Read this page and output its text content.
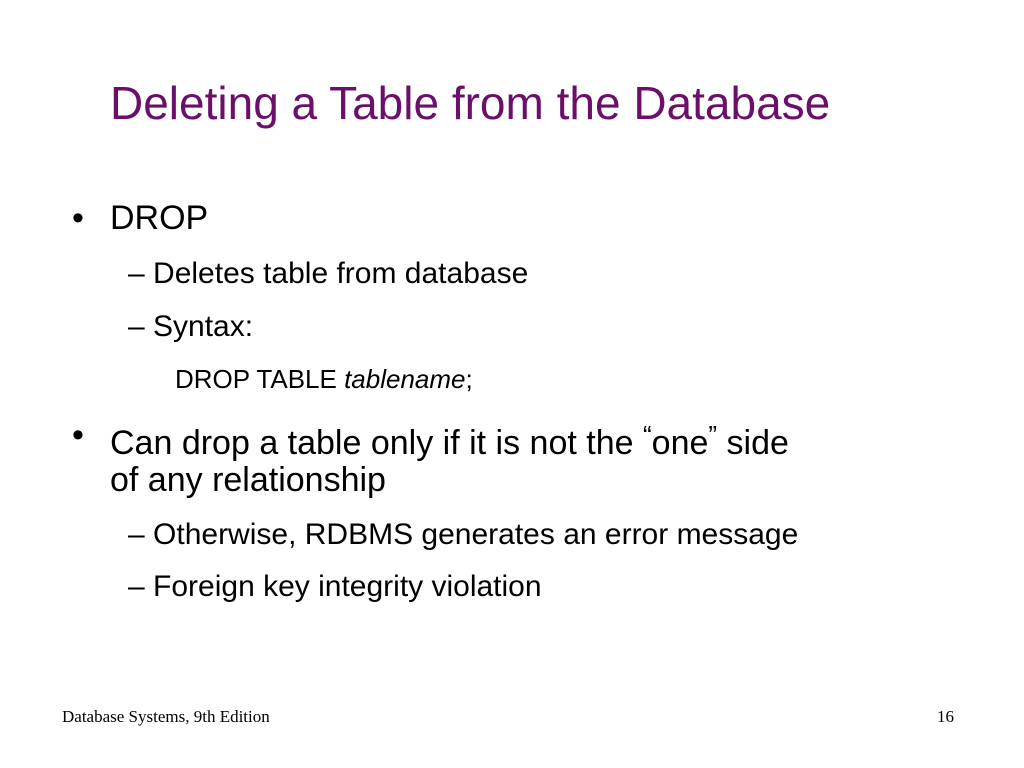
Deleting a Table from the Database
• DROP
– Deletes table from database
– Syntax:
DROP TABLE tablename;
• Can drop a table only if it is not the “one” side
of any relationship
– Otherwise, RDBMS generates an error message
– Foreign key integrity violation
Database Systems, 9th Edition	16
